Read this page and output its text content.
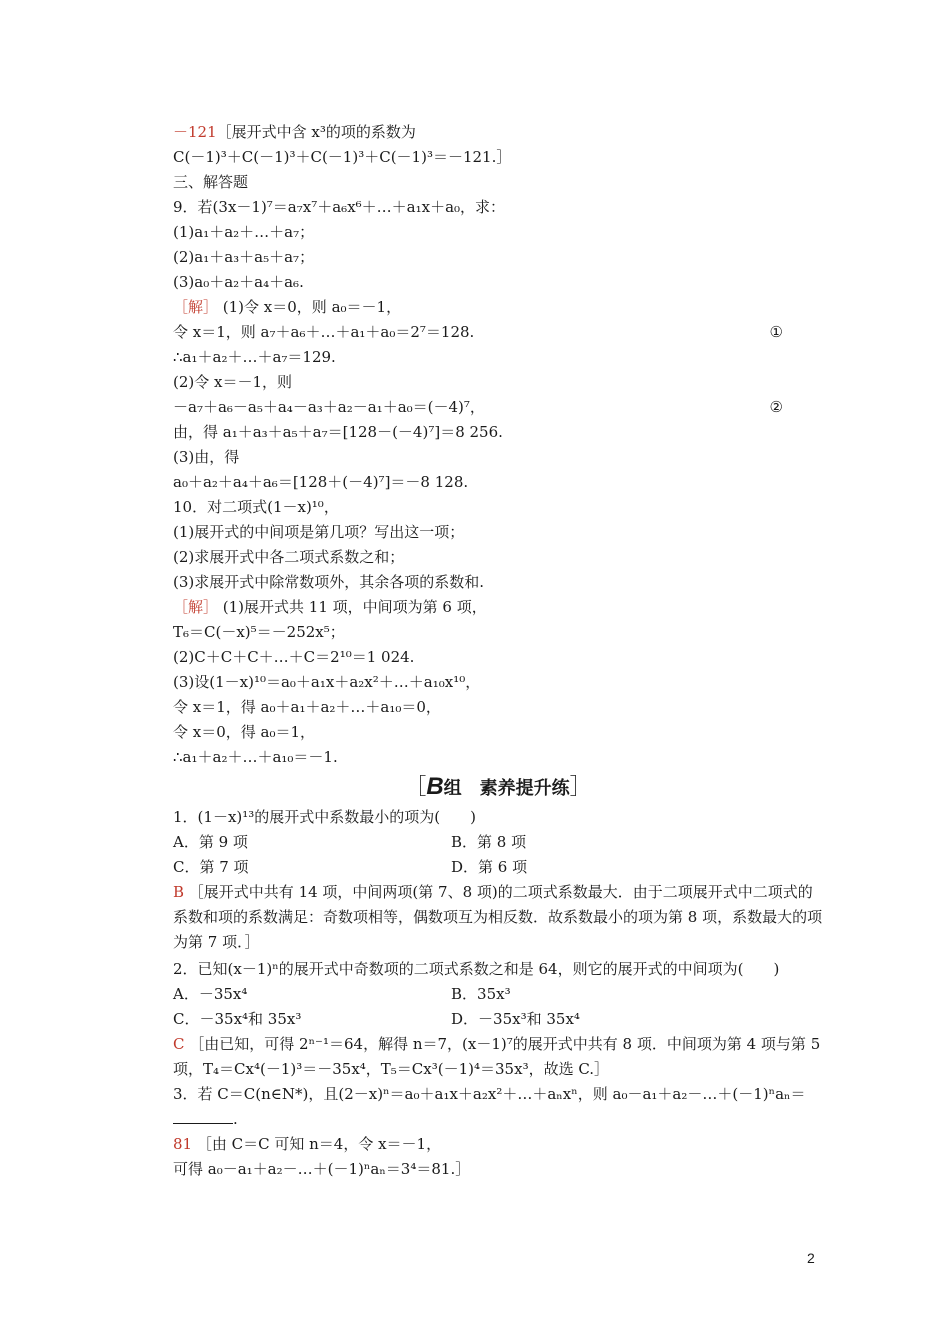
－121［展开式中含 x³的项的系数为
C(－1)³＋C(－1)³＋C(－1)³＋C(－1)³＝－121.］
三、解答题
9．若(3x－1)⁷＝a₇x⁷＋a₆x⁶＋…＋a₁x＋a₀，求：
(1)a₁＋a₂＋…＋a₇；
(2)a₁＋a₃＋a₅＋a₇；
(3)a₀＋a₂＋a₄＋a₆.
［解］ (1)令 x＝0，则 a₀＝－1，
令 x＝1，则 a₇＋a₆＋…＋a₁＋a₀＝2⁷＝128.	①
∴a₁＋a₂＋…＋a₇＝129.
(2)令 x＝－1，则
－a₇＋a₆－a₅＋a₄－a₃＋a₂－a₁＋a₀＝(－4)⁷，	②
由，得 a₁＋a₃＋a₅＋a₇＝[128－(－4)⁷]＝8 256.
(3)由，得
a₀＋a₂＋a₄＋a₆＝[128＋(－4)⁷]＝－8 128.
10．对二项式(1－x)¹⁰，
(1)展开式的中间项是第几项？写出这一项；
(2)求展开式中各二项式系数之和；
(3)求展开式中除常数项外，其余各项的系数和.
［解］ (1)展开式共 11 项，中间项为第 6 项，
T₆＝C(－x)⁵＝－252x⁵；
(2)C＋C＋C＋…＋C＝2¹⁰＝1 024.
(3)设(1－x)¹⁰＝a₀＋a₁x＋a₂x²＋…＋a₁₀x¹⁰，
令 x＝1，得 a₀＋a₁＋a₂＋…＋a₁₀＝0，
令 x＝0，得 a₀＝1，
∴a₁＋a₂＋…＋a₁₀＝－1.
［B组　素养提升练］
1．(1－x)¹³的展开式中系数最小的项为(　　)
A．第 9 项	B．第 8 项
C．第 7 项	D．第 6 项
B ［展开式中共有 14 项，中间两项(第 7、8 项)的二项式系数最大．由于二项展开式中二项式的系数和项的系数满足：奇数项相等，偶数项互为相反数．故系数最小的项为第 8 项，系数最大的项为第 7 项．］
2．已知(x－1)ⁿ的展开式中奇数项的二项式系数之和是 64，则它的展开式的中间项为(　　)
A．－35x⁴	B．35x³
C．－35x⁴和 35x³	D．－35x³和 35x⁴
C ［由已知，可得 2ⁿ⁻¹＝64，解得 n＝7，(x－1)⁷的展开式中共有 8 项．中间项为第 4 项与第 5 项，T₄＝Cx⁴(－1)³＝－35x⁴，T₅＝Cx³(－1)⁴＝35x³，故选 C.］
3．若 C＝C(n∈N*)，且(2－x)ⁿ＝a₀＋a₁x＋a₂x²＋…＋aₙxⁿ，则 a₀－a₁＋a₂－…＋(－1)ⁿaₙ＝.
81 ［由 C＝C 可知 n＝4，令 x＝－1，
可得 a₀－a₁＋a₂－…＋(－1)ⁿaₙ＝3⁴＝81.］
2
